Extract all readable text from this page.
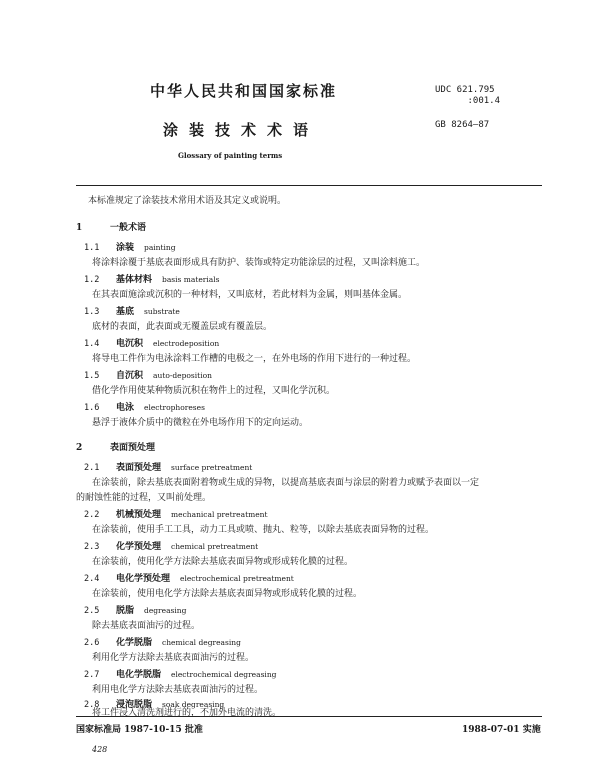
中华人民共和国国家标准	UDC 621.795
:001.4
涂装技术术语	GB 8264—87
Glossary of painting terms
本标准规定了涂装技术常用术语及其定义或说明。
1	一般术语
1.1 涂装 painting
将涂料涂覆于基底表面形成具有防护、装饰或特定功能涂层的过程，又叫涂料施工。
1.2 基体材料 basis materials
在其表面施涂或沉积的一种材料，又叫底材，若此材料为金属，则叫基体金属。
1.3 基底 substrate
底材的表面，此表面或无覆盖层或有覆盖层。
1.4 电沉积 electrodeposition
将导电工件作为电泳涂料工作槽的电极之一，在外电场的作用下进行的一种过程。
1.5 自沉积 auto-deposition
借化学作用使某种物质沉积在物件上的过程，又叫化学沉积。
1.6 电泳 electrophoreses
悬浮于液体介质中的微粒在外电场作用下的定向运动。
2	表面预处理
2.1 表面预处理 surface pretreatment
在涂装前，除去基底表面附着物或生成的异物，以提高基底表面与涂层的附着力或赋予表面以一定
的耐蚀性能的过程，又叫前处理。
2.2 机械预处理 mechanical pretreatment
在涂装前，使用手工工具，动力工具或喷、抛丸、粒等，以除去基底表面异物的过程。
2.3 化学预处理 chemical pretreatment
在涂装前，使用化学方法除去基底表面异物或形成转化膜的过程。
2.4 电化学预处理 electrochemical pretreatment
在涂装前，使用电化学方法除去基底表面异物或形成转化膜的过程。
2.5 脱脂 degreasing
除去基底表面油污的过程。
2.6 化学脱脂 chemical degreasing
利用化学方法除去基底表面油污的过程。
2.7 电化学脱脂 electrochemical degreasing
利用电化学方法除去基底表面油污的过程。
2.8 浸泡脱脂 soak degreasing
将工件浸入清洗剂进行的，不加外电流的清洗。
国家标准局 1987-10-15 批准	1988-07-01 实施
428
